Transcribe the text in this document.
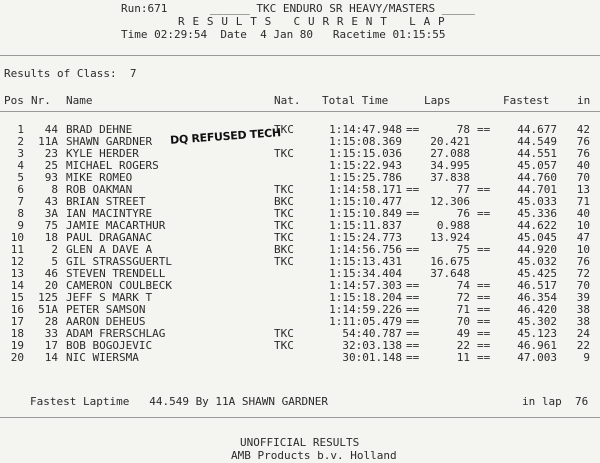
Run:671	______ TKC ENDURO SR HEAVY/MASTERS _____
R E S U L T S   C U R R E N T   L A P
Time 02:29:54  Date  4 Jan 80   Racetime 01:15:55
Results of Class:  7
Pos Nr. Name	Nat. Total Time	Laps	Fastest	in
1 44 BRAD DEHNE	TKC	1:14:47.948 ==	78 == 44.677 42
2 11A SHAWN GARDNER	1:15:08.369	20.421	44.549 76
3 23 KYLE HERDER	TKC	1:15:15.036	27.088	44.551 76
4 25 MICHAEL ROGERS	1:15:22.943	34.995	45.057 40
5 93 MIKE ROMEO	1:15:25.786	37.838	44.760 70
6 8 ROB OAKMAN	TKC	1:14:58.171 ==	77 == 44.701 13
7 43 BRIAN STREET	BKC	1:15:10.477	12.306	45.033 71
8 3A IAN MACINTYRE	TKC	1:15:10.849 ==	76 == 45.336 40
9 75 JAMIE MACARTHUR	TKC	1:15:11.837	0.988	44.622 10
10 18 PAUL DRAGANAC	TKC	1:15:24.773	13.924	45.045 47
11 2 GLEN A DAVE A	BKC	1:14:56.756 ==	75 == 44.920 10
12 5 GIL STRASSGUERTL	TKC	1:15:13.431	16.675	45.032 76
13 46 STEVEN TRENDELL	1:15:34.404	37.648	45.425 72
14 20 CAMERON COULBECK	1:14:57.303 ==	74 == 46.517 70
15 125 JEFF S MARK T	1:15:18.204 ==	72 == 46.354 39
16 51A PETER SAMSON	1:14:59.226 ==	71 == 46.420 38
17 28 AARON DEHEUS	1:11:05.479 ==	70 == 45.302 38
18 33 ADAM FRERSCHLAG	TKC	54:40.787 ==	49 == 45.123 24
19 17 BOB BOGOJEVIC	TKC	32:03.138 ==	22 == 46.961 22
20 14 NIC WIERSMA	30:01.148 ==	11 == 47.003 9
DQ REFUSED TECH
Fastest Laptime   44.549 By 11A SHAWN GARDNER	in lap  76
UNOFFICIAL RESULTS
AMB Products b.v. Holland
